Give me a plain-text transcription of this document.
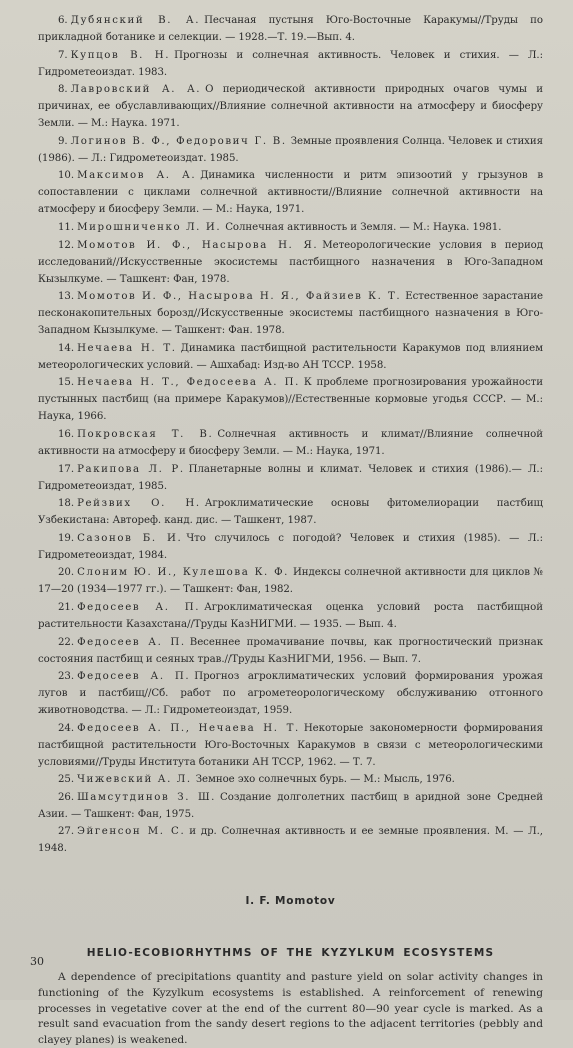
6. Дубянский В. А. Песчаная пустыня Юго-Восточные Каракумы//Труды по прикладной ботанике и селекции. — 1928.—Т. 19.—Вып. 4.
7. Купцов В. Н. Прогнозы и солнечная активность. Человек и стихия. — Л.: Гидрометеоиздат. 1983.
8. Лавровский А. А. О периодической активности природных очагов чумы и причинах, ее обуславливающих//Влияние солнечной активности на атмосферу и биосферу Земли. — М.: Наука. 1971.
9. Логинов В. Ф., Федорович Г. В. Земные проявления Солнца. Человек и стихия (1986). — Л.: Гидрометеоиздат. 1985.
10. Максимов А. А. Динамика численности и ритм эпизоотий у грызунов в сопоставлении с циклами солнечной активности//Влияние солнечной активности на атмосферу и биосферу Земли. — М.: Наука, 1971.
11. Мирошниченко Л. И. Солнечная активность и Земля. — М.: Наука. 1981.
12. Момотов И. Ф., Насырова Н. Я. Метеорологические условия в период исследований//Искусственные экосистемы пастбищного назначения в Юго-Западном Кызылкуме. — Ташкент: Фан, 1978.
13. Момотов И. Ф., Насырова Н. Я., Файзиев К. Т. Естественное зарастание песконакопительных борозд//Искусственные экосистемы пастбищного назначения в Юго-Западном Кызылкуме. — Ташкент: Фан. 1978.
14. Нечаева Н. Т. Динамика пастбищной растительности Каракумов под влиянием метеорологических условий. — Ашхабад: Изд-во АН ТССР. 1958.
15. Нечаева Н. Т., Федосеева А. П. К проблеме прогнозирования урожайности пустынных пастбищ (на примере Каракумов)//Естественные кормовые угодья СССР. — М.: Наука, 1966.
16. Покровская Т. В. Солнечная активность и климат//Влияние солнечной активности на атмосферу и биосферу Земли. — М.: Наука, 1971.
17. Ракипова Л. Р. Планетарные волны и климат. Человек и стихия (1986).— Л.: Гидрометеоиздат, 1985.
18. Рейзвих О. Н. Агроклиматические основы фитомелиорации пастбищ Узбекистана: Автореф. канд. дис. — Ташкент, 1987.
19. Сазонов Б. И. Что случилось с погодой? Человек и стихия (1985). — Л.: Гидрометеоиздат, 1984.
20. Слоним Ю. И., Кулешова К. Ф. Индексы солнечной активности для циклов № 17—20 (1934—1977 гг.). — Ташкент: Фан, 1982.
21. Федосеев А. П. Агроклиматическая оценка условий роста пастбищной растительности Казахстана//Труды КазНИГМИ. — 1935. — Вып. 4.
22. Федосеев А. П. Весеннее промачивание почвы, как прогностический признак состояния пастбищ и сеяных трав.//Труды КазНИГМИ, 1956. — Вып. 7.
23. Федосеев А. П. Прогноз агроклиматических условий формирования урожая лугов и пастбищ//Сб. работ по агрометеорологическому обслуживанию отгонного животноводства. — Л.: Гидрометеоиздат, 1959.
24. Федосеев А. П., Нечаева Н. Т. Некоторые закономерности формирования пастбищной растительности Юго-Восточных Каракумов в связи с метеорологическими условиями//Труды Института ботаники АН ТССР, 1962. — Т. 7.
25. Чижевский А. Л. Земное эхо солнечных бурь. — М.: Мысль, 1976.
26. Шамсутдинов З. Ш. Создание долголетних пастбищ в аридной зоне Средней Азии. — Ташкент: Фан, 1975.
27. Эйгенсон М. С. и др. Солнечная активность и ее земные проявления. М. — Л., 1948.
I. F. Momotov
HELIO-ECOBIORHYTHMS OF THE KYZYLKUM ECOSYSTEMS

A dependence of precipitations quantity and pasture yield on solar activity changes in functioning of the Kyzylkum ecosystems is established. A reinforcement of renewing processes in vegetative cover at the end of the current 80—90 year cycle is marked. As a result sand evacuation from the sandy desert regions to the adjacent territories (pebbly and clayey planes) is weakened.

30
